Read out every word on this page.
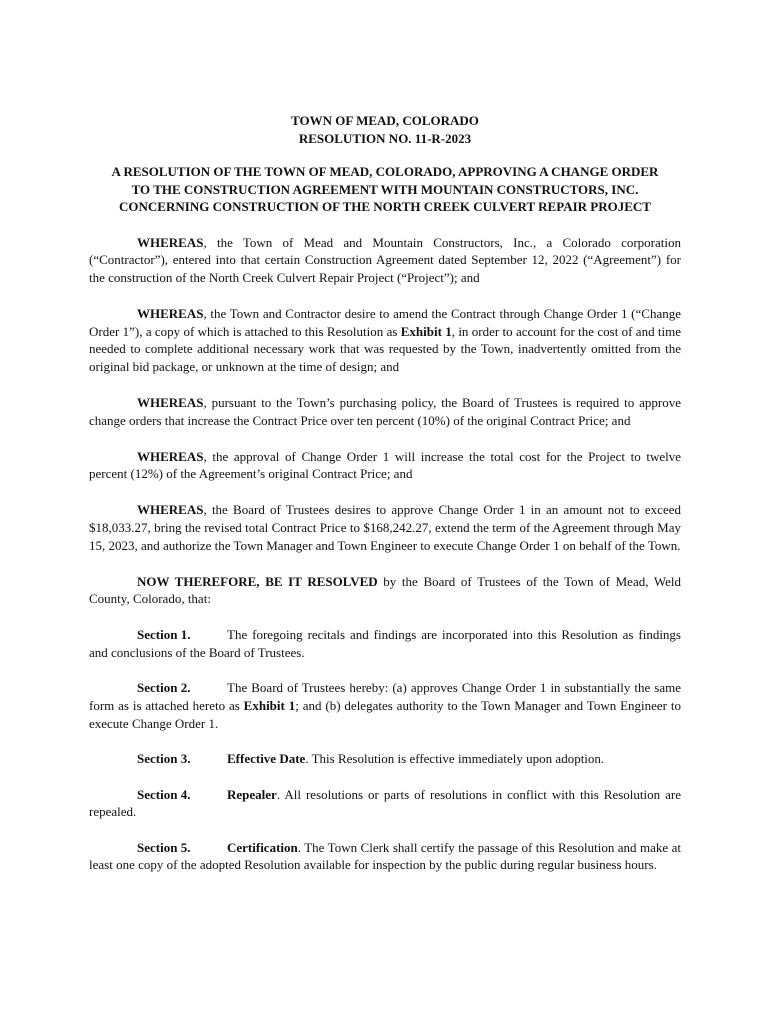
TOWN OF MEAD, COLORADO
RESOLUTION NO. 11-R-2023
A RESOLUTION OF THE TOWN OF MEAD, COLORADO, APPROVING A CHANGE ORDER
TO THE CONSTRUCTION AGREEMENT WITH MOUNTAIN CONSTRUCTORS, INC.
CONCERNING CONSTRUCTION OF THE NORTH CREEK CULVERT REPAIR PROJECT

WHEREAS, the Town of Mead and Mountain Constructors, Inc., a Colorado corporation (“Contractor”), entered into that certain Construction Agreement dated September 12, 2022 (“Agreement”) for the construction of the North Creek Culvert Repair Project (“Project”); and

WHEREAS, the Town and Contractor desire to amend the Contract through Change Order 1 (“Change Order 1”), a copy of which is attached to this Resolution as Exhibit 1, in order to account for the cost of and time needed to complete additional necessary work that was requested by the Town, inadvertently omitted from the original bid package, or unknown at the time of design; and

WHEREAS, pursuant to the Town’s purchasing policy, the Board of Trustees is required to approve change orders that increase the Contract Price over ten percent (10%) of the original Contract Price; and

WHEREAS, the approval of Change Order 1 will increase the total cost for the Project to twelve percent (12%) of the Agreement’s original Contract Price; and

WHEREAS, the Board of Trustees desires to approve Change Order 1 in an amount not to exceed $18,033.27, bring the revised total Contract Price to $168,242.27, extend the term of the Agreement through May 15, 2023, and authorize the Town Manager and Town Engineer to execute Change Order 1 on behalf of the Town.

NOW THEREFORE, BE IT RESOLVED by the Board of Trustees of the Town of Mead, Weld County, Colorado, that:

Section 1.	The foregoing recitals and findings are incorporated into this Resolution as findings and conclusions of the Board of Trustees.

Section 2.	The Board of Trustees hereby: (a) approves Change Order 1 in substantially the same form as is attached hereto as Exhibit 1; and (b) delegates authority to the Town Manager and Town Engineer to execute Change Order 1.

Section 3.	Effective Date. This Resolution is effective immediately upon adoption.

Section 4.	Repealer. All resolutions or parts of resolutions in conflict with this Resolution are repealed.

Section 5.	Certification. The Town Clerk shall certify the passage of this Resolution and make at least one copy of the adopted Resolution available for inspection by the public during regular business hours.
